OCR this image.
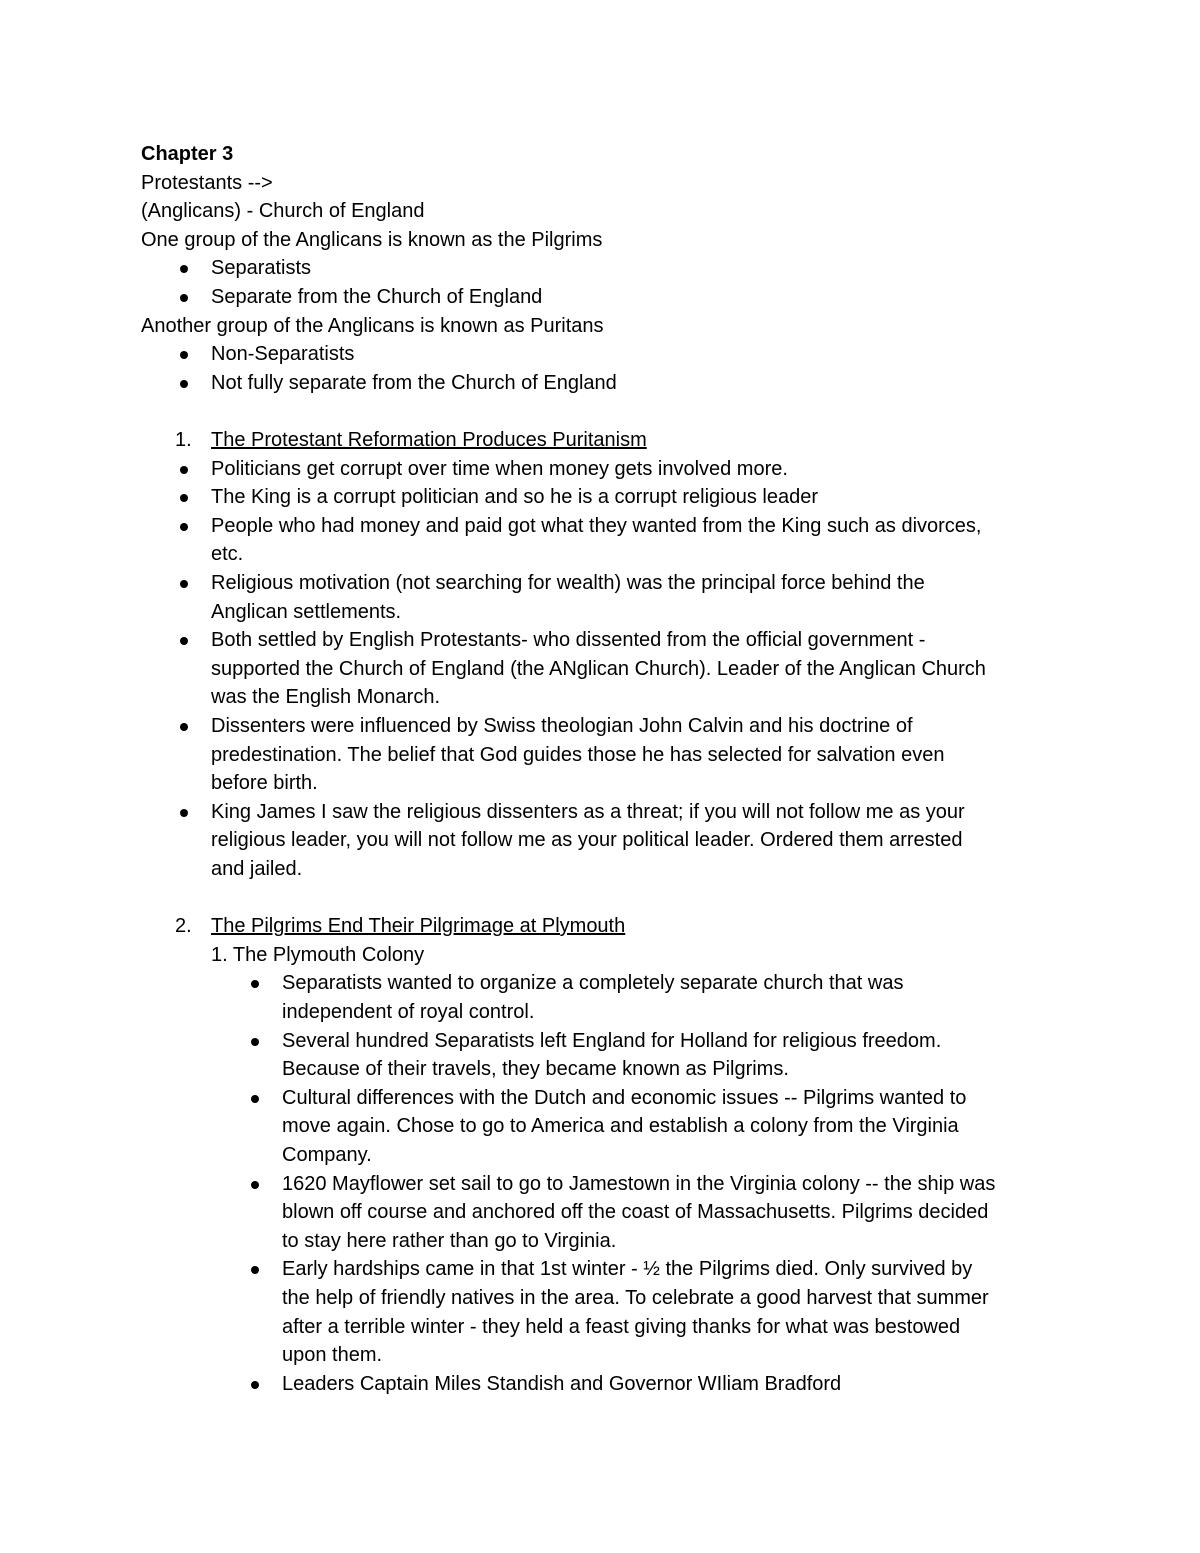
Chapter 3
Protestants -->
(Anglicans) - Church of England
One group of the Anglicans is known as the Pilgrims
Separatists
Separate from the Church of England
Another group of the Anglicans is known as Puritans
Non-Separatists
Not fully separate from the Church of England
1. The Protestant Reformation Produces Puritanism
Politicians get corrupt over time when money gets involved more.
The King is a corrupt politician and so he is a corrupt religious leader
People who had money and paid got what they wanted from the King such as divorces,
etc.
Religious motivation (not searching for wealth) was the principal force behind the
Anglican settlements.
Both settled by English Protestants- who dissented from the official government -
supported the Church of England (the ANglican Church). Leader of the Anglican Church
was the English Monarch.
Dissenters were influenced by Swiss theologian John Calvin and his doctrine of
predestination. The belief that God guides those he has selected for salvation even
before birth.
King James I saw the religious dissenters as a threat; if you will not follow me as your
religious leader, you will not follow me as your political leader. Ordered them arrested
and jailed.
2. The Pilgrims End Their Pilgrimage at Plymouth
1. The Plymouth Colony
Separatists wanted to organize a completely separate church that was
independent of royal control.
Several hundred Separatists left England for Holland for religious freedom.
Because of their travels, they became known as Pilgrims.
Cultural differences with the Dutch and economic issues -- Pilgrims wanted to
move again. Chose to go to America and establish a colony from the Virginia
Company.
1620 Mayflower set sail to go to Jamestown in the Virginia colony -- the ship was
blown off course and anchored off the coast of Massachusetts. Pilgrims decided
to stay here rather than go to Virginia.
Early hardships came in that 1st winter - ½ the Pilgrims died. Only survived by
the help of friendly natives in the area. To celebrate a good harvest that summer
after a terrible winter - they held a feast giving thanks for what was bestowed
upon them.
Leaders Captain Miles Standish and Governor WIliam Bradford
